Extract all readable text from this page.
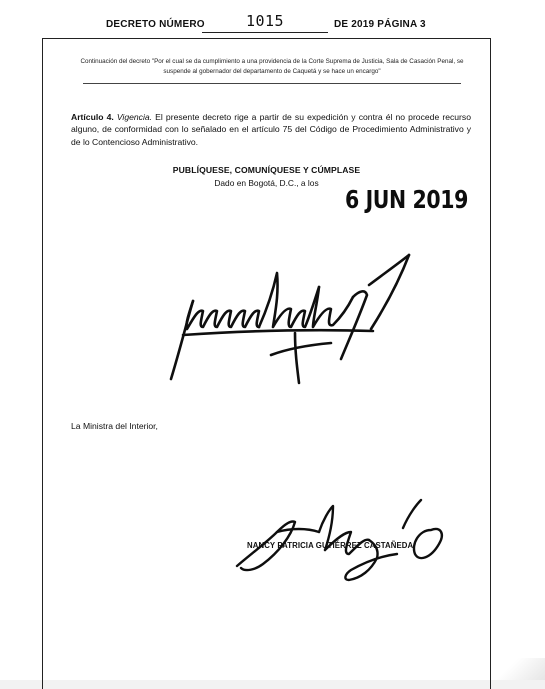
DECRETO NÚMERO	1015	DE 2019 PÁGINA 3
Continuación del decreto "Por el cual se da cumplimiento a una providencia de la Corte Suprema de Justicia, Sala de Casación Penal, se suspende al gobernador del departamento de Caquetá y se hace un encargo"
Artículo 4. Vigencia. El presente decreto rige a partir de su expedición y contra él no procede recurso alguno, de conformidad con lo señalado en el artículo 75 del Código de Procedimiento Administrativo y de lo Contencioso Administrativo.
PUBLÍQUESE, COMUNÍQUESE Y CÚMPLASE
Dado en Bogotá, D.C., a los
6 JUN 2019
La Ministra del Interior,
NANCY PATRICIA GUTIÉRREZ CASTAÑEDA
